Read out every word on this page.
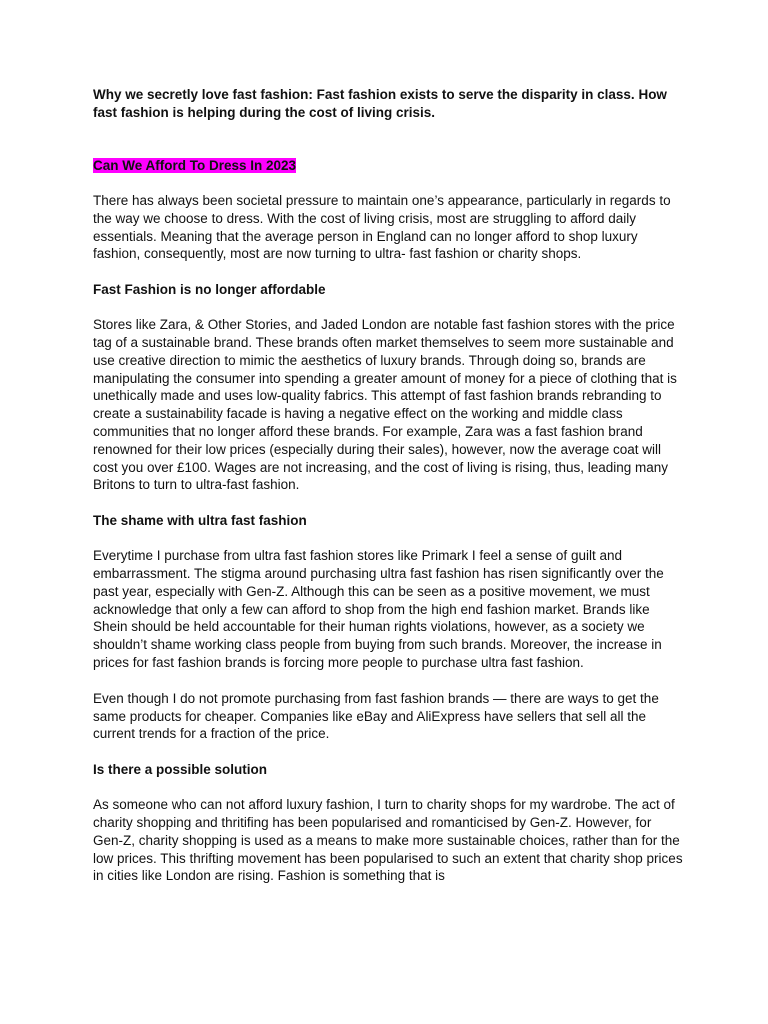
Why we secretly love fast fashion: Fast fashion exists to serve the disparity in class. How fast fashion is helping during the cost of living crisis.

Can We Afford To Dress In 2023

There has always been societal pressure to maintain one’s appearance, particularly in regards to the way we choose to dress. With the cost of living crisis, most are struggling to afford daily essentials. Meaning that the average person in England can no longer afford to shop luxury fashion, consequently, most are now turning to ultra- fast fashion or charity shops.

Fast Fashion is no longer affordable

Stores like Zara, & Other Stories, and Jaded London are notable fast fashion stores with the price tag of a sustainable brand. These brands often market themselves to seem more sustainable and use creative direction to mimic the aesthetics of luxury brands. Through doing so, brands are manipulating the consumer into spending a greater amount of money for a piece of clothing that is unethically made and uses low-quality fabrics. This attempt of fast fashion brands rebranding to create a sustainability facade is having a negative effect on the working and middle class communities that no longer afford these brands. For example, Zara was a fast fashion brand renowned for their low prices (especially during their sales), however, now the average coat will cost you over £100. Wages are not increasing, and the cost of living is rising, thus, leading many Britons to turn to ultra-fast fashion.

The shame with ultra fast fashion

Everytime I purchase from ultra fast fashion stores like Primark I feel a sense of guilt and embarrassment. The stigma around purchasing ultra fast fashion has risen significantly over the past year, especially with Gen-Z. Although this can be seen as a positive movement, we must acknowledge that only a few can afford to shop from the high end fashion market. Brands like Shein should be held accountable for their human rights violations, however, as a society we shouldn’t shame working class people from buying from such brands. Moreover, the increase in prices for fast fashion brands is forcing more people to purchase ultra fast fashion.

Even though I do not promote purchasing from fast fashion brands — there are ways to get the same products for cheaper. Companies like eBay and AliExpress have sellers that sell all the current trends for a fraction of the price.

Is there a possible solution

As someone who can not afford luxury fashion, I turn to charity shops for my wardrobe. The act of charity shopping and thritifing has been popularised and romanticised by Gen-Z. However, for Gen-Z, charity shopping is used as a means to make more sustainable choices, rather than for the low prices. This thrifting movement has been popularised to such an extent that charity shop prices in cities like London are rising. Fashion is something that is
